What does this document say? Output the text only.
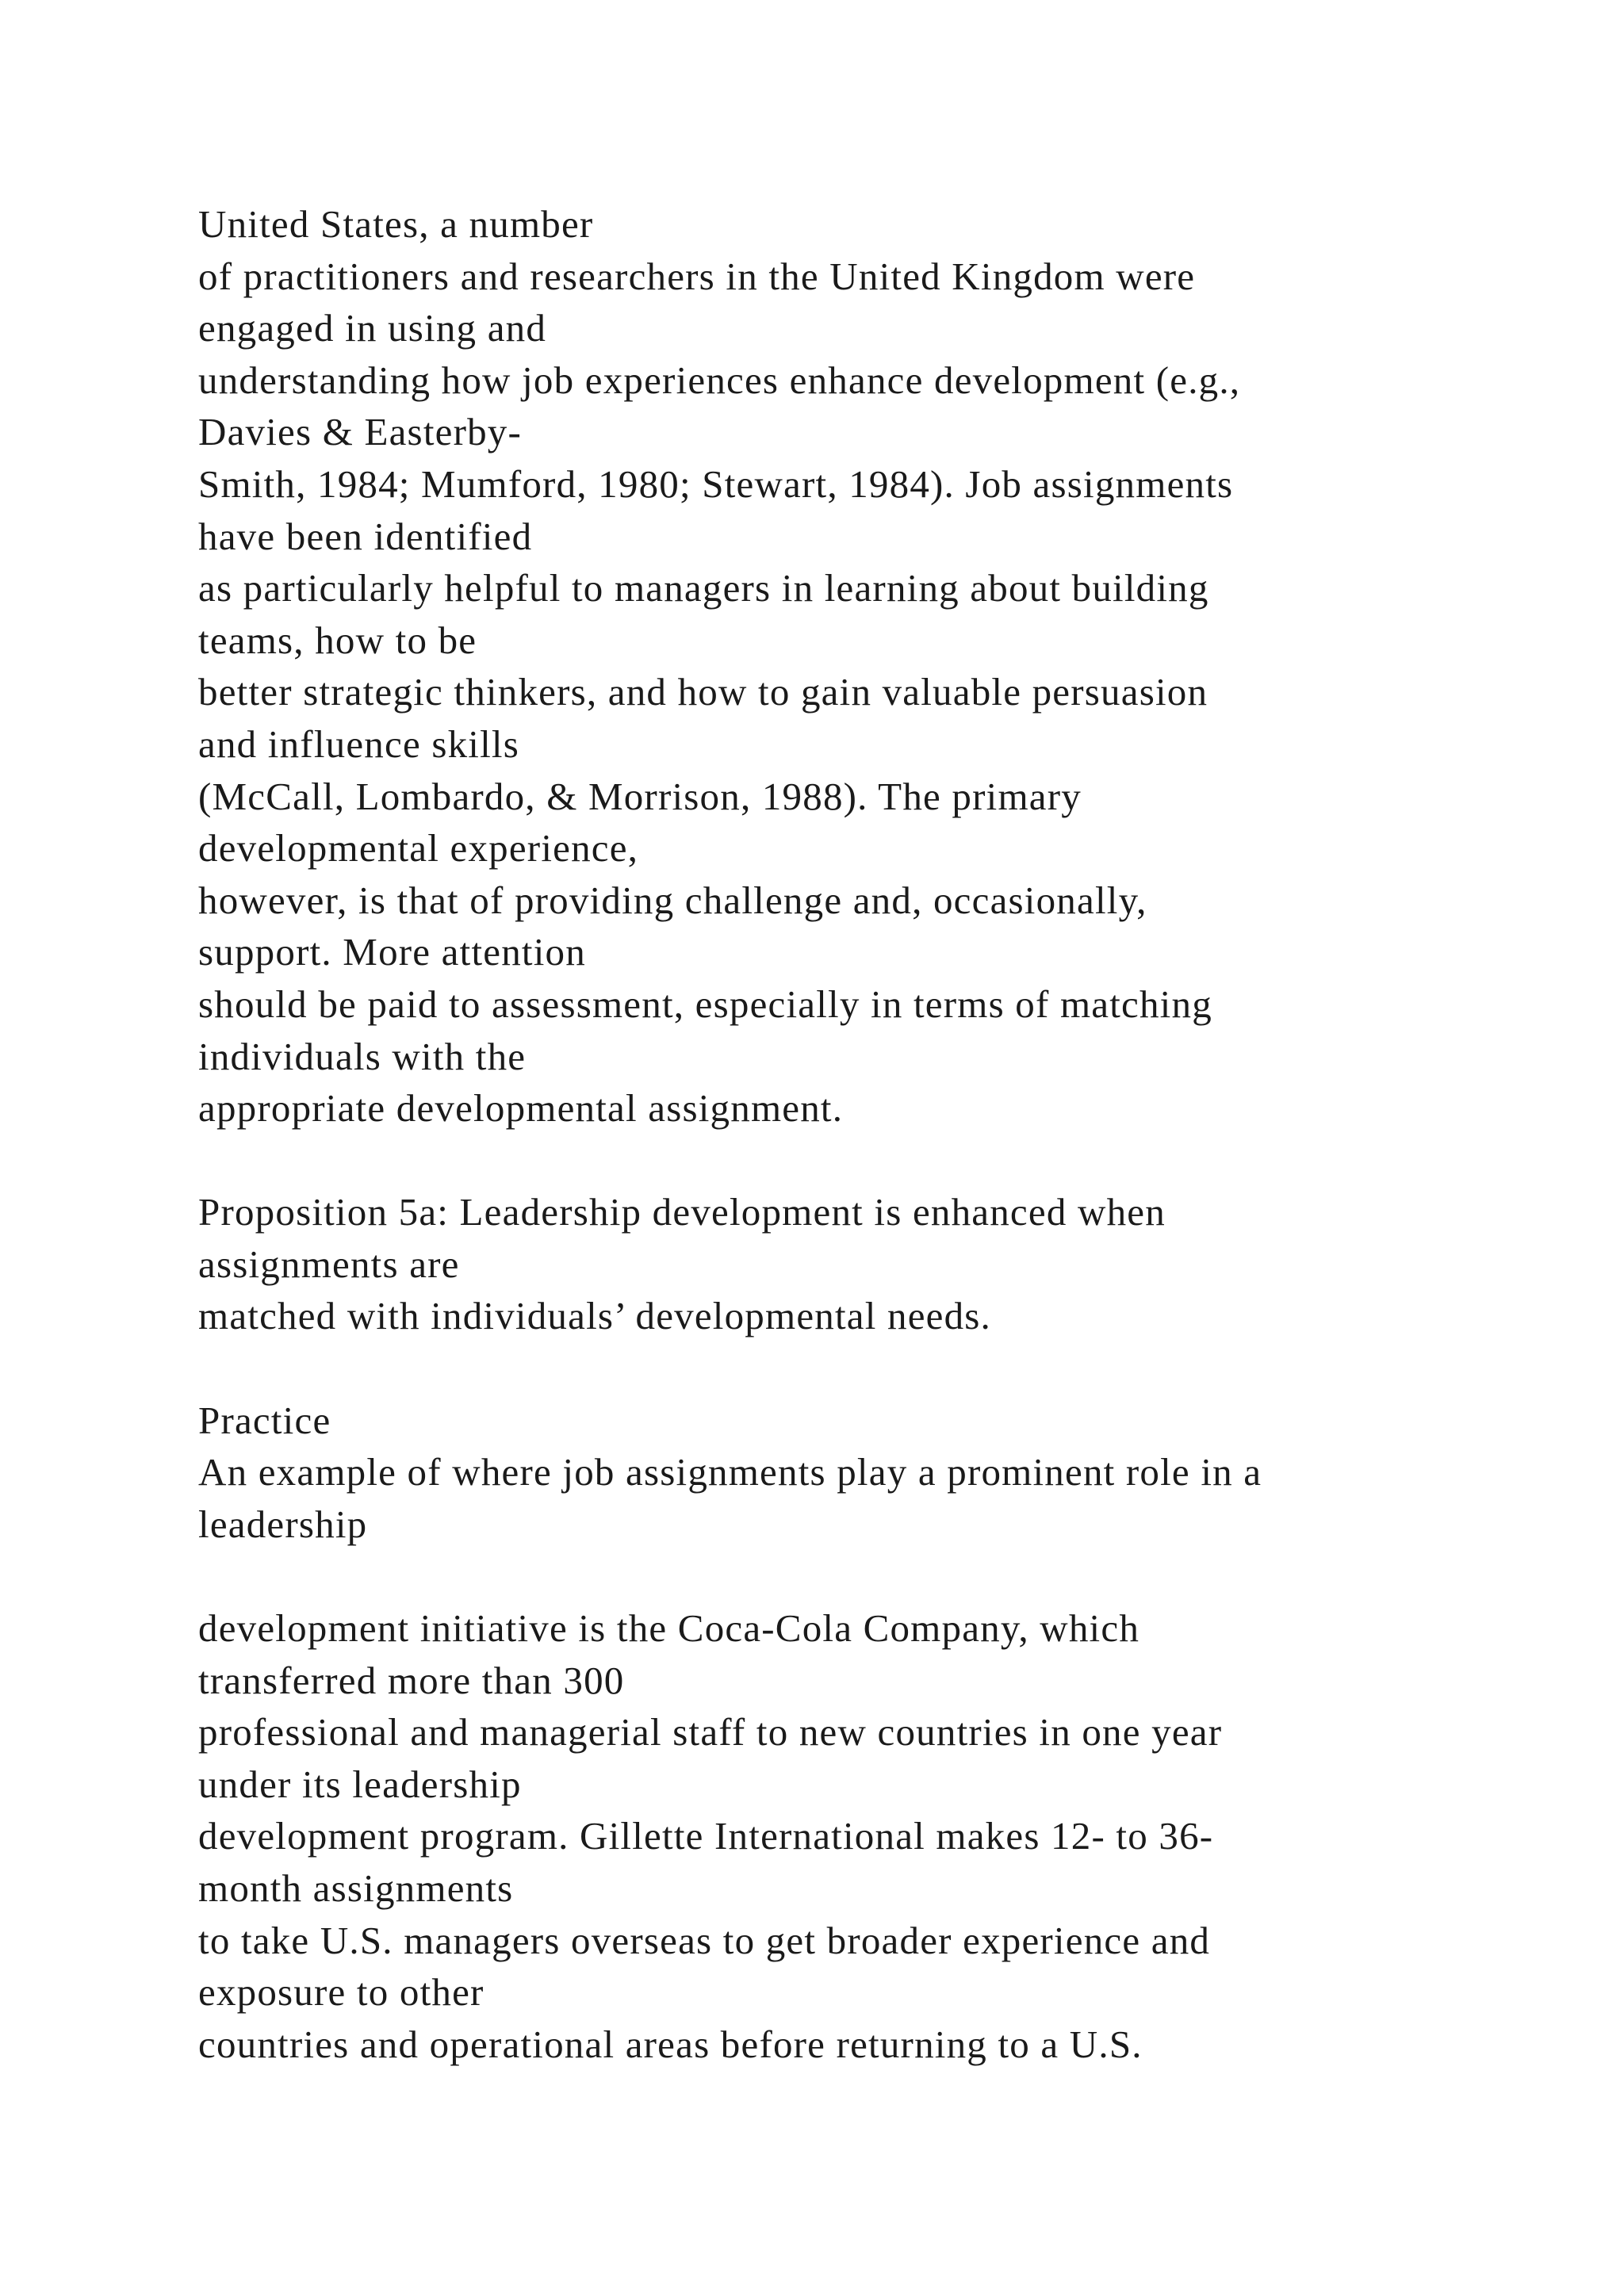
United States, a number
of practitioners and researchers in the United Kingdom were
engaged in using and
understanding how job experiences enhance development (e.g.,
Davies & Easterby-
Smith, 1984; Mumford, 1980; Stewart, 1984). Job assignments
have been identified
as particularly helpful to managers in learning about building
teams, how to be
better strategic thinkers, and how to gain valuable persuasion
and influence skills
(McCall, Lombardo, & Morrison, 1988). The primary
developmental experience,
however, is that of providing challenge and, occasionally,
support. More attention
should be paid to assessment, especially in terms of matching
individuals with the
appropriate developmental assignment.
Proposition 5a: Leadership development is enhanced when
assignments are
matched with individuals’ developmental needs.
Practice
An example of where job assignments play a prominent role in a
leadership
development initiative is the Coca-Cola Company, which
transferred more than 300
professional and managerial staff to new countries in one year
under its leadership
development program. Gillette International makes 12- to 36-
month assignments
to take U.S. managers overseas to get broader experience and
exposure to other
countries and operational areas before returning to a U.S.
